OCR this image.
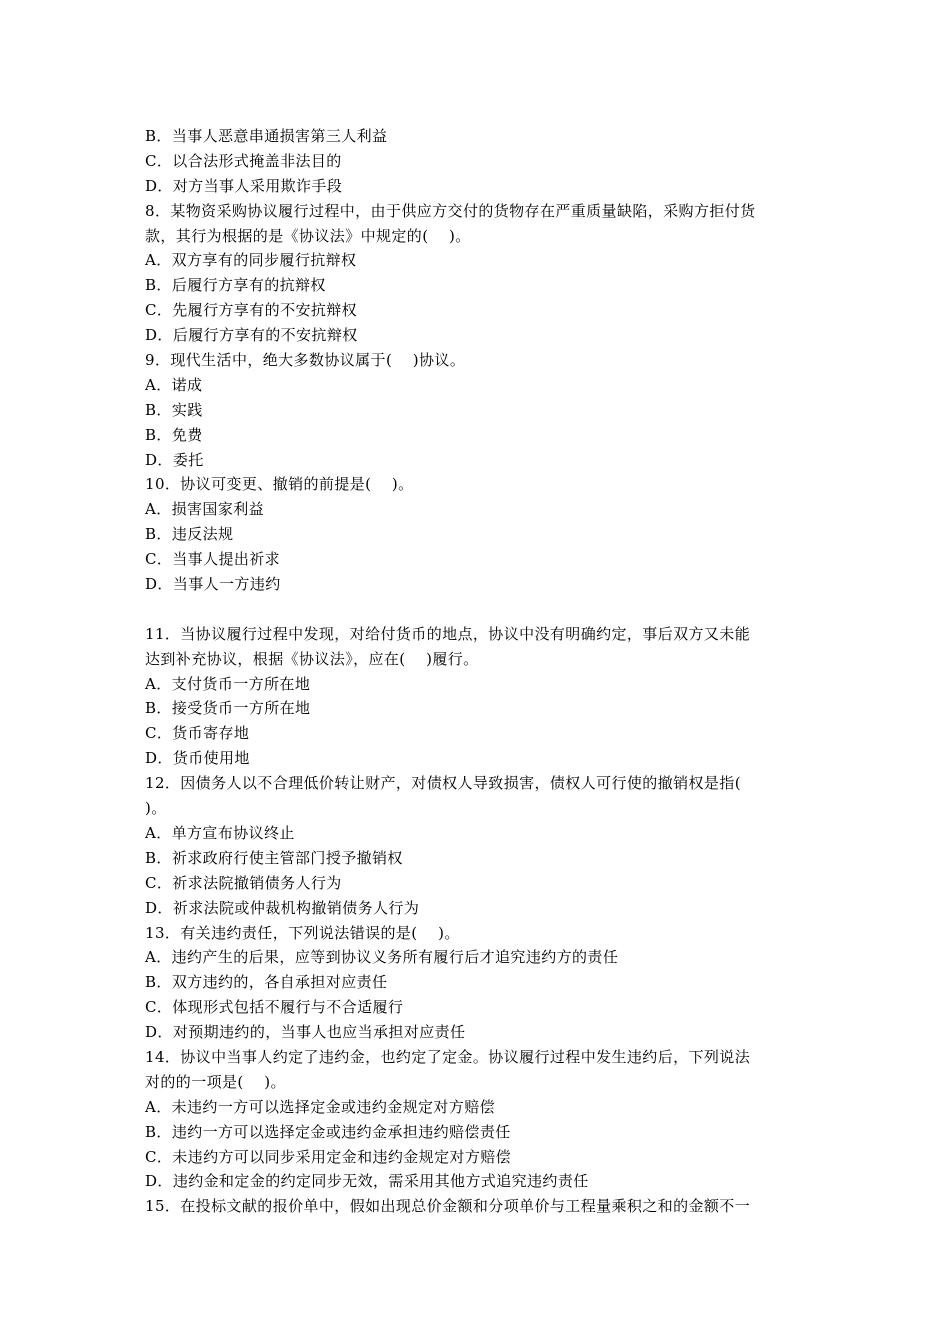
B．当事人恶意串通损害第三人利益
C．以合法形式掩盖非法目的
D．对方当事人采用欺诈手段
8．某物资采购协议履行过程中，由于供应方交付的货物存在严重质量缺陷，采购方拒付货
款，其行为根据的是《协议法》中规定的(　 )。
A．双方享有的同步履行抗辩权
B．后履行方享有的抗辩权
C．先履行方享有的不安抗辩权
D．后履行方享有的不安抗辩权
9．现代生活中，绝大多数协议属于(　 )协议。
A．诺成
B．实践
B．免费
D．委托
10．协议可变更、撤销的前提是(　 )。
A．损害国家利益
B．违反法规
C．当事人提出祈求
D．当事人一方违约
11．当协议履行过程中发现，对给付货币的地点，协议中没有明确约定，事后双方又未能
达到补充协议，根据《协议法》，应在(　 )履行。
A．支付货币一方所在地
B．接受货币一方所在地
C．货币寄存地
D．货币使用地
12．因债务人以不合理低价转让财产，对债权人导致损害，债权人可行使的撤销权是指(
)。
A．单方宣布协议终止
B．祈求政府行使主管部门授予撤销权
C．祈求法院撤销债务人行为
D．祈求法院或仲裁机构撤销债务人行为
13．有关违约责任，下列说法错误的是(　 )。
A．违约产生的后果，应等到协议义务所有履行后才追究违约方的责任
B．双方违约的，各自承担对应责任
C．体现形式包括不履行与不合适履行
D．对预期违约的，当事人也应当承担对应责任
14．协议中当事人约定了违约金，也约定了定金。协议履行过程中发生违约后，下列说法
对的的一项是(　 )。
A．未违约一方可以选择定金或违约金规定对方赔偿
B．违约一方可以选择定金或违约金承担违约赔偿责任
C．未违约方可以同步采用定金和违约金规定对方赔偿
D．违约金和定金的约定同步无效，需采用其他方式追究违约责任
15．在投标文献的报价单中，假如出现总价金额和分项单价与工程量乘积之和的金额不一
